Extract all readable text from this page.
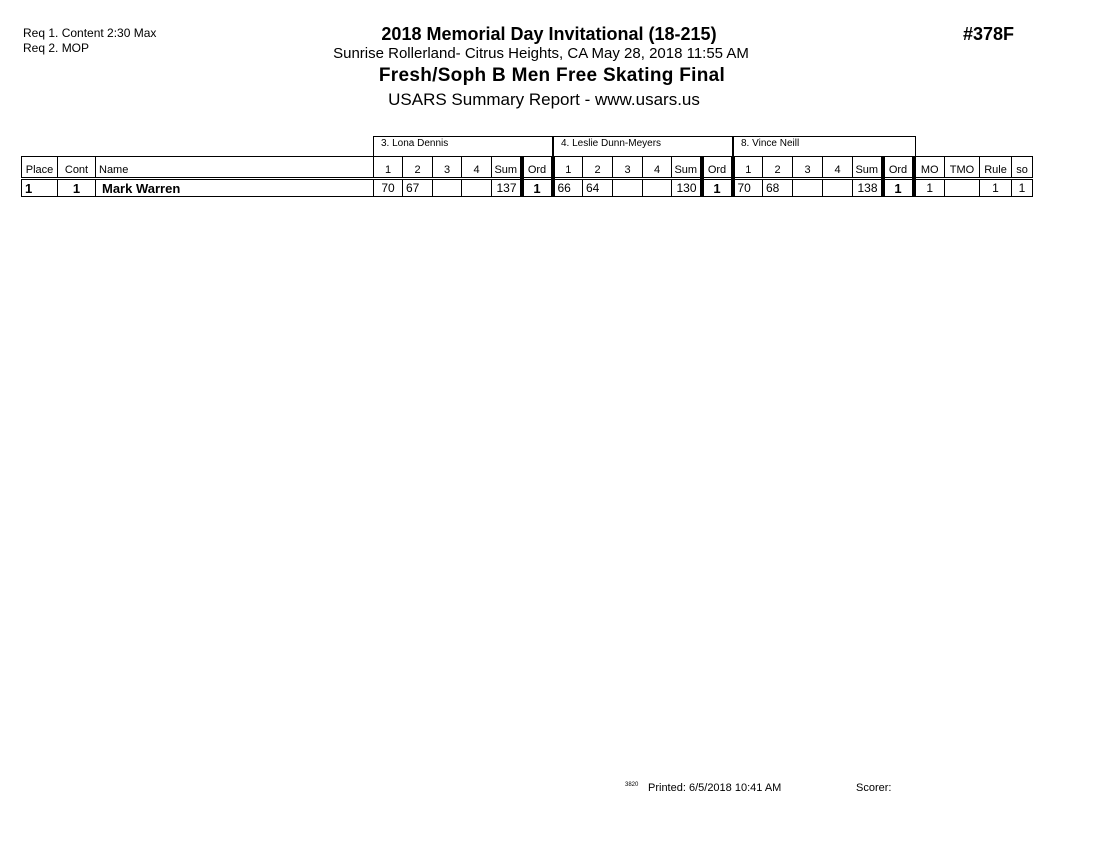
Req 1. Content 2:30 Max
Req 2. MOP
2018 Memorial Day Invitational (18-215)
Sunrise Rollerland- Citrus Heights, CA May 28, 2018 11:55 AM
Fresh/Soph B Men Free Skating Final
USARS Summary Report - www.usars.us
#378F
3. Lona Dennis	4. Leslie Dunn-Meyers	8. Vince Neill
Place	Cont	Name	1	2	3	4	Sum	Ord	1	2	3	4	Sum	Ord	1	2	3	4	Sum	Ord	MO	TMO	Rule	so
1	1	Mark Warren	70	67			137	1	66	64			130	1	70	68			138	1	1		1	1
3820 Printed: 6/5/2018 10:41 AM	Scorer:
